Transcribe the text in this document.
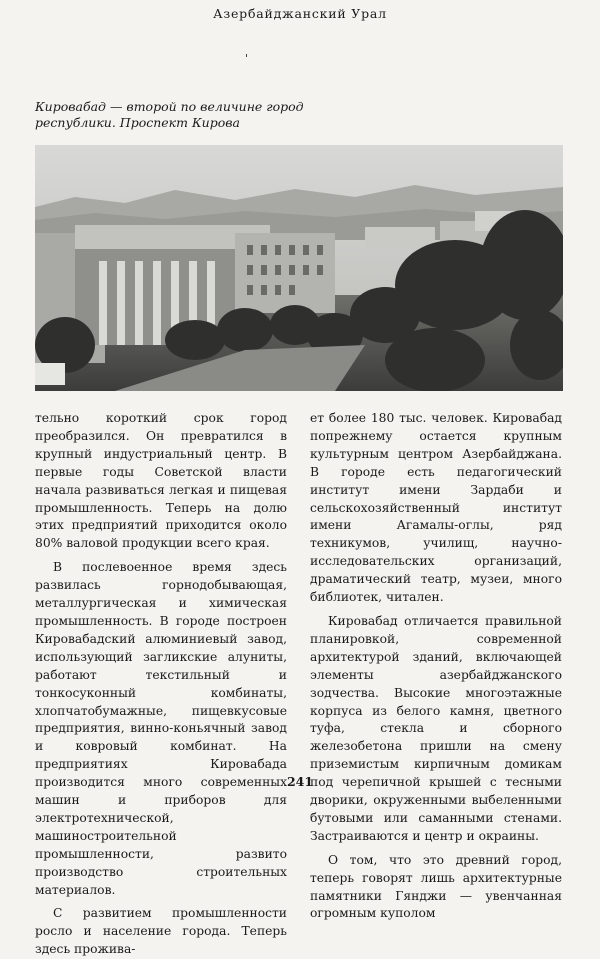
Азербайджанский Урал
'
Кировабад — второй по величине город республики. Проспект Кирова

тельно короткий срок город преобразился. Он превратился в крупный индустриальный центр. В первые годы Советской власти начала развиваться легкая и пищевая промышленность. Теперь на долю этих предприятий приходится около 80% валовой продукции всего края.

В послевоенное время здесь развилась горнодобывающая, металлургическая и химическая промышленность. В городе построен Кировабадский алюминиевый завод, использующий загликские алуниты, работают текстильный и тонкосуконный комбинаты, хлопчатобумажные, пищевкусовые предприятия, винно-коньячный завод и ковровый комбинат. На предприятиях Кировабада производится много современных машин и приборов для электротехнической, машиностроительной промышленности, развито производство строительных материалов.

С развитием промышленности росло и население города. Теперь здесь прожива-

ет более 180 тыс. человек. Кировабад попрежнему остается крупным культурным центром Азербайджана. В городе есть педагогический институт имени Зардаби и сельскохозяйственный институт имени Агамалы-оглы, ряд техникумов, училищ, научно-исследовательских организаций, драматический театр, музеи, много библиотек, читален.

Кировабад отличается правильной планировкой, современной архитектурой зданий, включающей элементы азербайджанского зодчества. Высокие многоэтажные корпуса из белого камня, цветного туфа, стекла и сборного железобетона пришли на смену приземистым кирпичным домикам под черепичной крышей с тесными дворики, окруженными выбеленными бутовыми или саманными стенами. Застраиваются и центр и окраины.

О том, что это древний город, теперь говорят лишь архитектурные памятники Гянджи — увенчанная огромным куполом

241
